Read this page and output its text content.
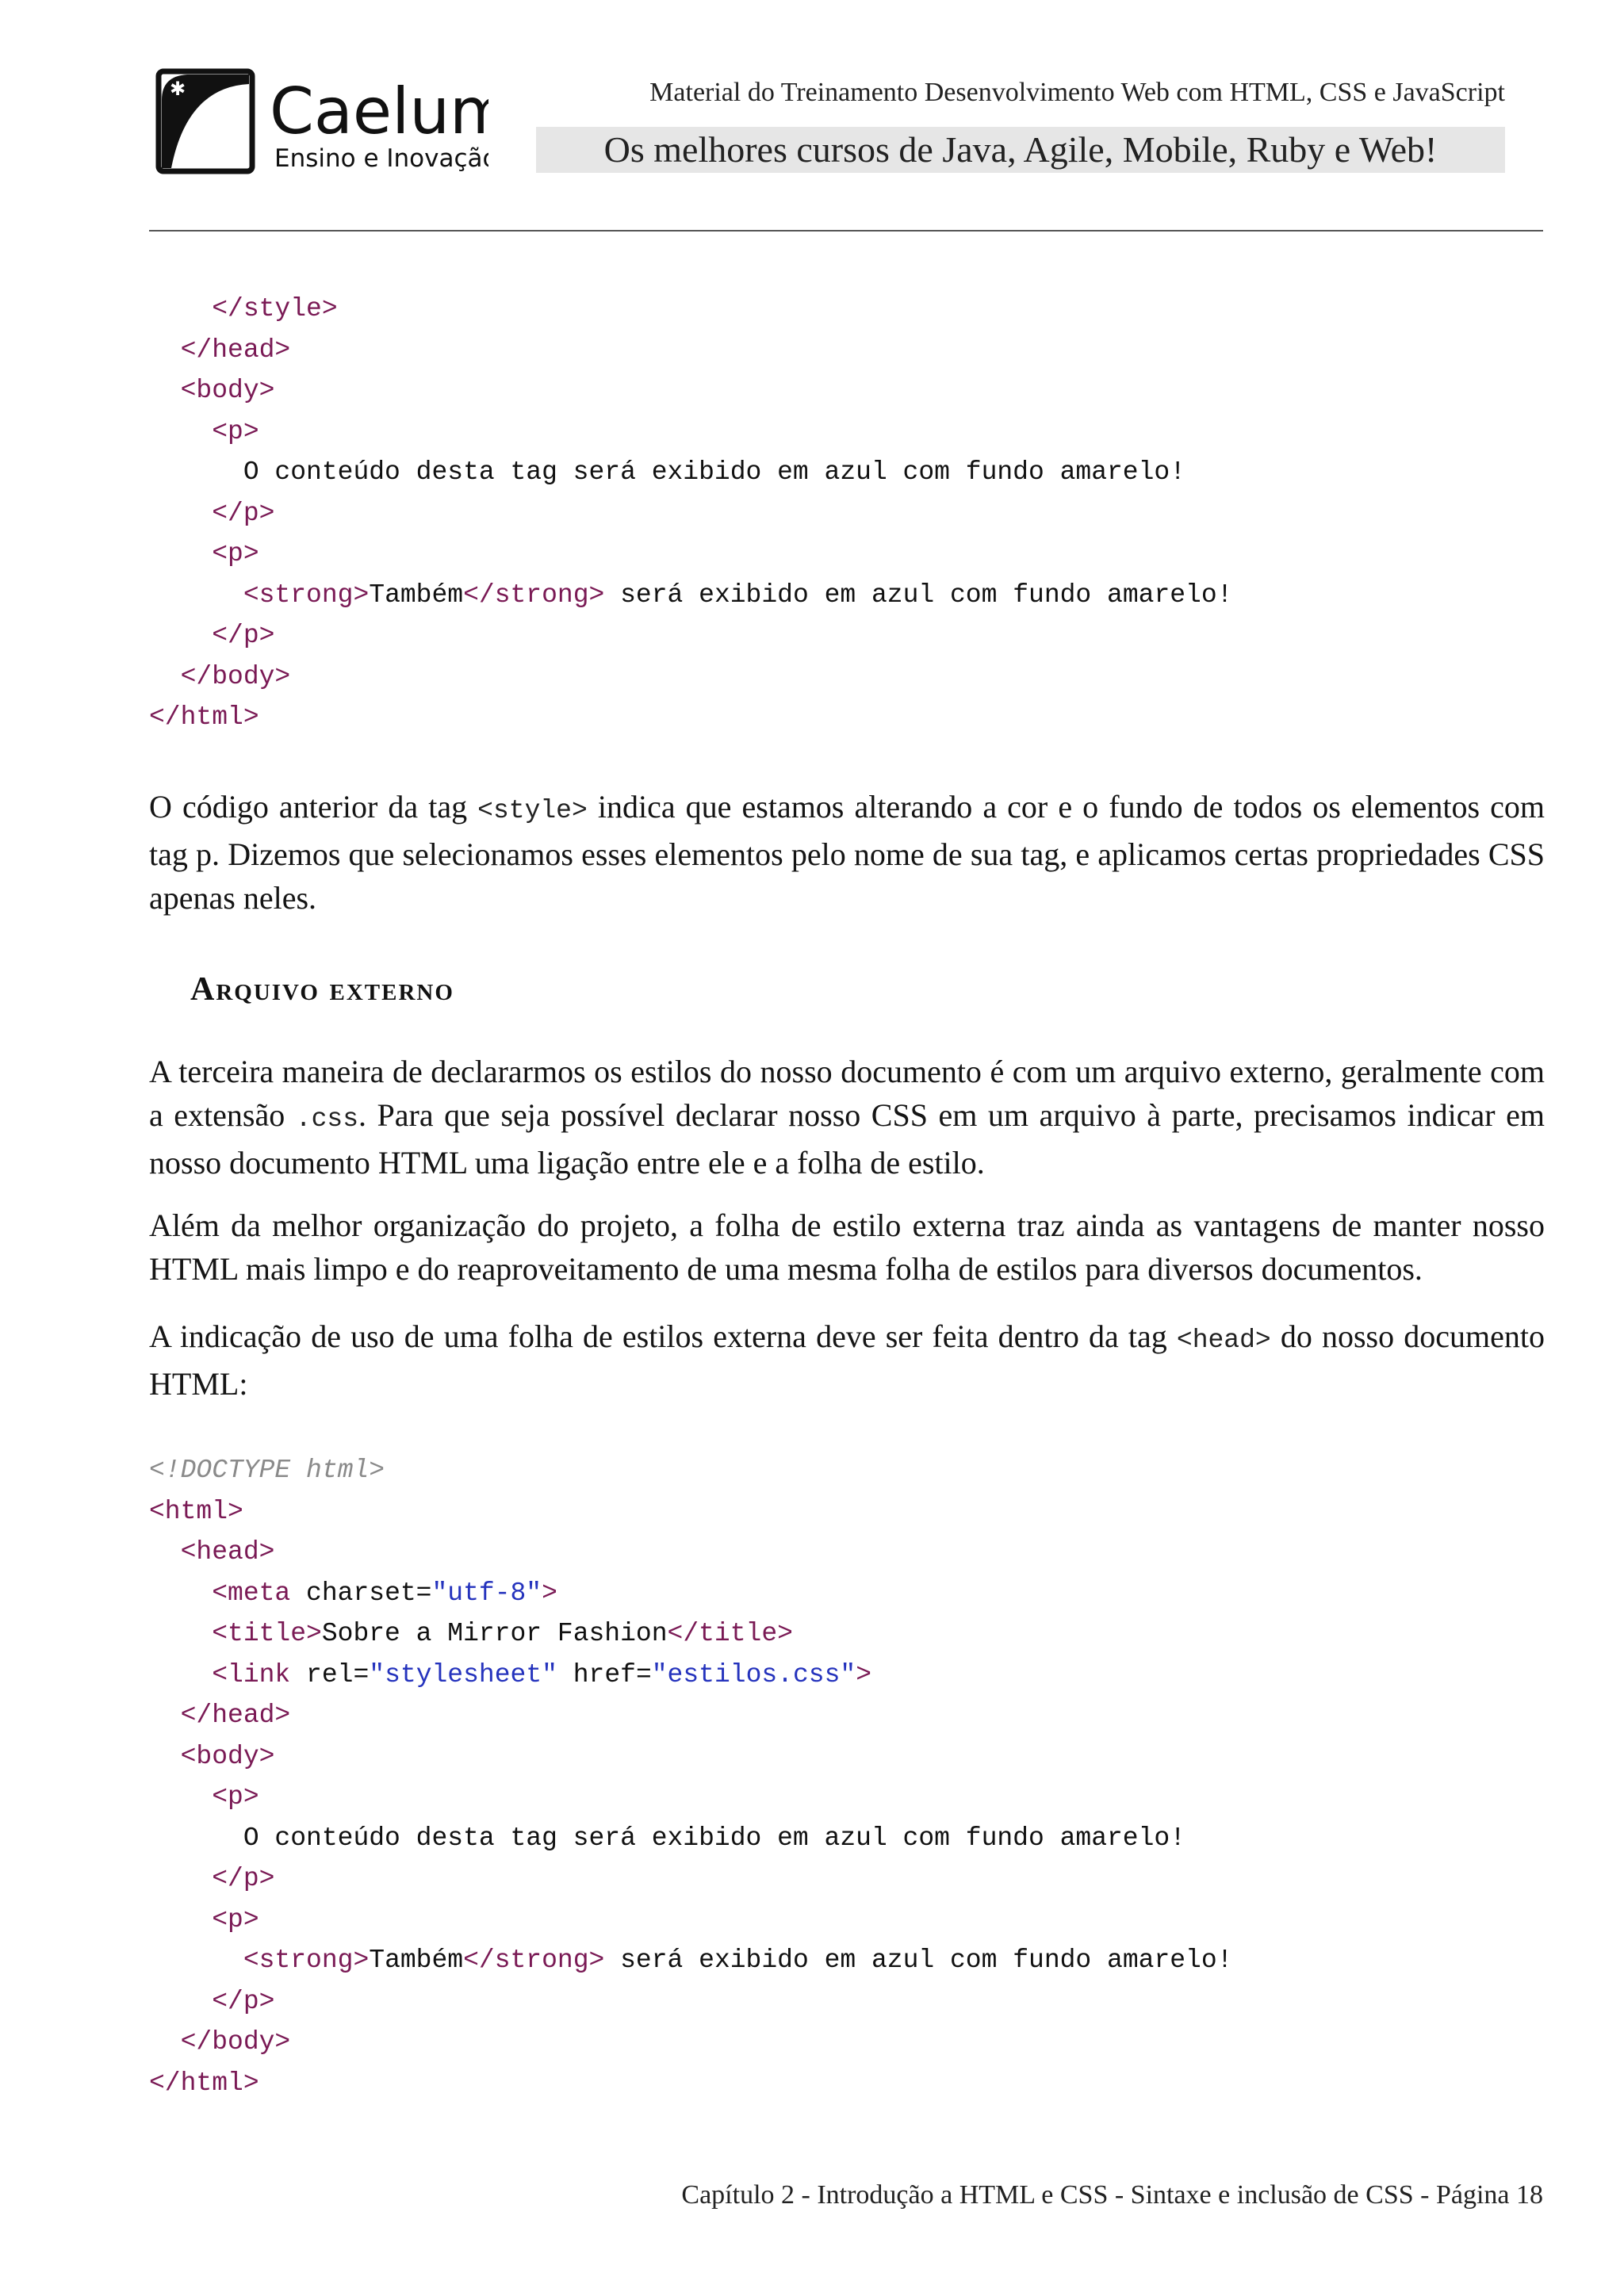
✱ Caelum
Ensino e Inovação
Material do Treinamento Desenvolvimento Web com HTML, CSS e JavaScript
Os melhores cursos de Java, Agile, Mobile, Ruby e Web!
</style>
</head>
<body>
<p>
O conteúdo desta tag será exibido em azul com fundo amarelo!
</p>
<p>
<strong>Também</strong> será exibido em azul com fundo amarelo!
</p>
</body>
</html>

O código anterior da tag <style> indica que estamos alterando a cor e o fundo de todos os elementos com tag p. Dizemos que selecionamos esses elementos pelo nome de sua tag, e aplicamos certas propriedades CSS apenas neles.

Arquivo externo

A terceira maneira de declararmos os estilos do nosso documento é com um arquivo externo, geralmente com a extensão .css. Para que seja possível declarar nosso CSS em um arquivo à parte, precisamos indicar em nosso documento HTML uma ligação entre ele e a folha de estilo.

Além da melhor organização do projeto, a folha de estilo externa traz ainda as vantagens de manter nosso HTML mais limpo e do reaproveitamento de uma mesma folha de estilos para diversos documentos.

A indicação de uso de uma folha de estilos externa deve ser feita dentro da tag <head> do nosso documento HTML:

<!DOCTYPE html>
<html>
<head>
<meta charset="utf-8">
<title>Sobre a Mirror Fashion</title>
<link rel="stylesheet" href="estilos.css">
</head>
<body>
<p>
O conteúdo desta tag será exibido em azul com fundo amarelo!
</p>
<p>
<strong>Também</strong> será exibido em azul com fundo amarelo!
</p>
</body>
</html>
Capítulo 2 - Introdução a HTML e CSS - Sintaxe e inclusão de CSS - Página 18
